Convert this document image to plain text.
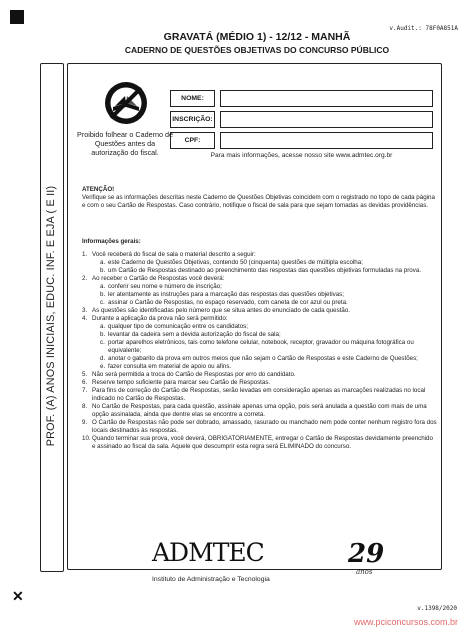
v.Audit.: 78F0A851A
GRAVATÁ (MÉDIO 1) - 12/12 - MANHÃ
CADERNO DE QUESTÕES OBJETIVAS DO CONCURSO PÚBLICO
PROF. (A) ANOS INICIAIS, EDUC. INF. E EJA ( E II)
Proibido folhear o Caderno de Questões antes da autorização do fiscal.
NOME:
INSCRIÇÃO:
CPF:
Para mais informações, acesse nosso site www.admtec.org.br
ATENÇÃO!
Verifique se as informações descritas neste Caderno de Questões Objetivas coincidem com o registrado no topo de cada página e com o seu Cartão de Respostas. Caso contrário, notifique o fiscal de sala para que sejam tomadas as devidas providências.
Informações gerais:
1. Você receberá do fiscal de sala o material descrito a seguir:
a. este Caderno de Questões Objetivas, contendo 50 (cinquenta) questões de múltipla escolha;
b. um Cartão de Respostas destinado ao preenchimento das respostas das questões objetivas formuladas na prova.
2. Ao receber o Cartão de Respostas você deverá:
a. conferir seu nome e número de inscrição;
b. ler atentamente as instruções para a marcação das respostas das questões objetivas;
c. assinar o Cartão de Respostas, no espaço reservado, com caneta de cor azul ou preta.
3. As questões são identificadas pelo número que se situa antes do enunciado de cada questão.
4. Durante a aplicação da prova não será permitido:
a. qualquer tipo de comunicação entre os candidatos;
b. levantar da cadeira sem a devida autorização do fiscal de sala;
c. portar aparelhos eletrônicos, tais como telefone celular, notebook, receptor, gravador ou máquina fotográfica ou equivalente;
d. anotar o gabarito da prova em outros meios que não sejam o Cartão de Respostas e este Caderno de Questões;
e. fazer consulta em material de apoio ou afins.
5. Não será permitida a troca do Cartão de Respostas por erro do candidato.
6. Reserve tempo suficiente para marcar seu Cartão de Respostas.
7. Para fins de correção do Cartão de Respostas, serão levadas em consideração apenas as marcações realizadas no local indicado no Cartão de Respostas.
8. No Cartão de Respostas, para cada questão, assinale apenas uma opção, pois será anulada a questão com mais de uma opção assinalada, ainda que dentre elas se encontre a correta.
9. O Cartão de Respostas não pode ser dobrado, amassado, rasurado ou manchado nem pode conter nenhum registro fora dos locais destinados às respostas.
10. Quando terminar sua prova, você deverá, OBRIGATORIAMENTE, entregar o Cartão de Respostas devidamente preenchido e assinado ao fiscal da sala. Aquele que descumprir esta regra será ELIMINADO do concurso.
ADMTEC
Instituto de Administração e Tecnologia
29
anos
v.1398/2020
✕
www.pciconcursos.com.br
